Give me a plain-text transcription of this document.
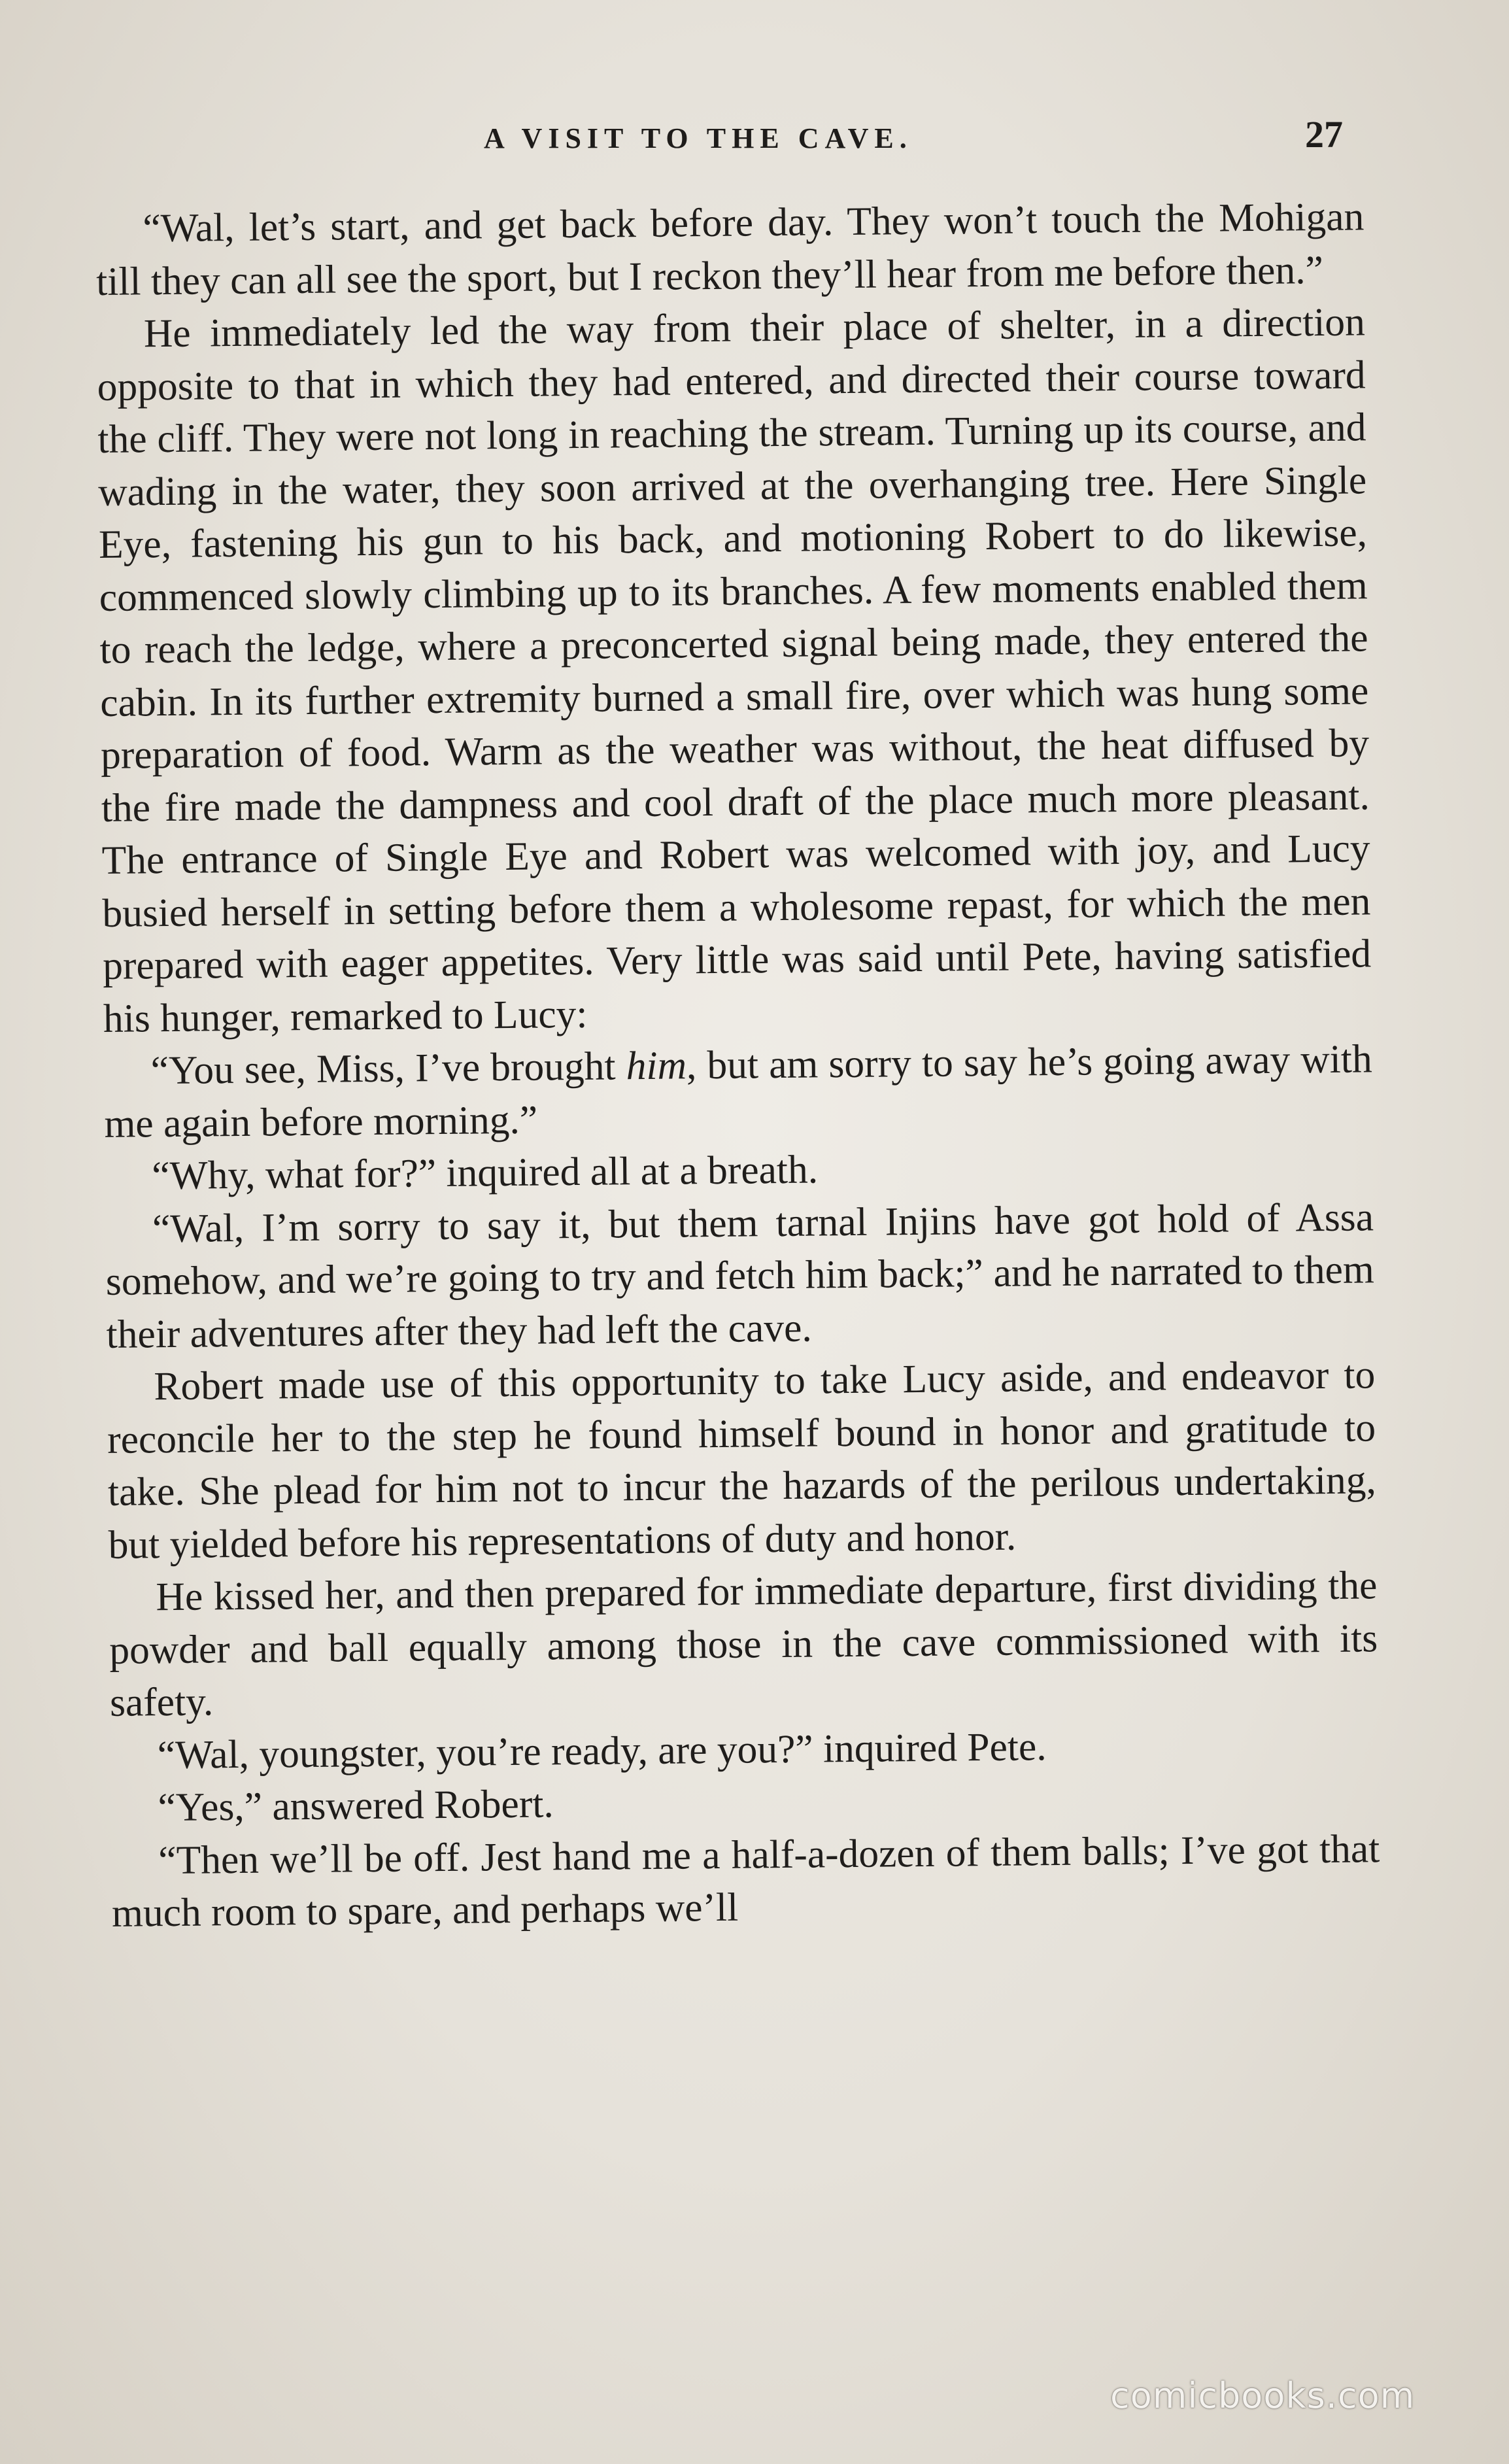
A VISIT TO THE CAVE.	27

“Wal, let’s start, and get back before day. They won’t touch the Mohigan till they can all see the sport, but I reckon they’ll hear from me before then.”

He immediately led the way from their place of shelter, in a direction opposite to that in which they had entered, and directed their course toward the cliff. They were not long in reaching the stream. Turning up its course, and wading in the water, they soon arrived at the overhanging tree. Here Single Eye, fastening his gun to his back, and motioning Robert to do likewise, commenced slowly climbing up to its branches. A few moments enabled them to reach the ledge, where a preconcerted signal being made, they entered the cabin. In its further extremity burned a small fire, over which was hung some preparation of food. Warm as the weather was without, the heat diffused by the fire made the dampness and cool draft of the place much more pleasant. The entrance of Single Eye and Robert was welcomed with joy, and Lucy busied herself in setting before them a wholesome repast, for which the men prepared with eager appetites. Very little was said until Pete, having satisfied his hunger, remarked to Lucy:

“You see, Miss, I’ve brought him, but am sorry to say he’s going away with me again before morning.”

“Why, what for?” inquired all at a breath.

“Wal, I’m sorry to say it, but them tarnal Injins have got hold of Assa somehow, and we’re going to try and fetch him back;” and he narrated to them their adventures after they had left the cave.

Robert made use of this opportunity to take Lucy aside, and endeavor to reconcile her to the step he found himself bound in honor and gratitude to take. She plead for him not to incur the hazards of the perilous undertaking, but yielded before his representations of duty and honor.

He kissed her, and then prepared for immediate departure, first dividing the powder and ball equally among those in the cave commissioned with its safety.

“Wal, youngster, you’re ready, are you?” inquired Pete.

“Yes,” answered Robert.

“Then we’ll be off. Jest hand me a half-a-dozen of them balls; I’ve got that much room to spare, and perhaps we’ll

comicbooks.com
